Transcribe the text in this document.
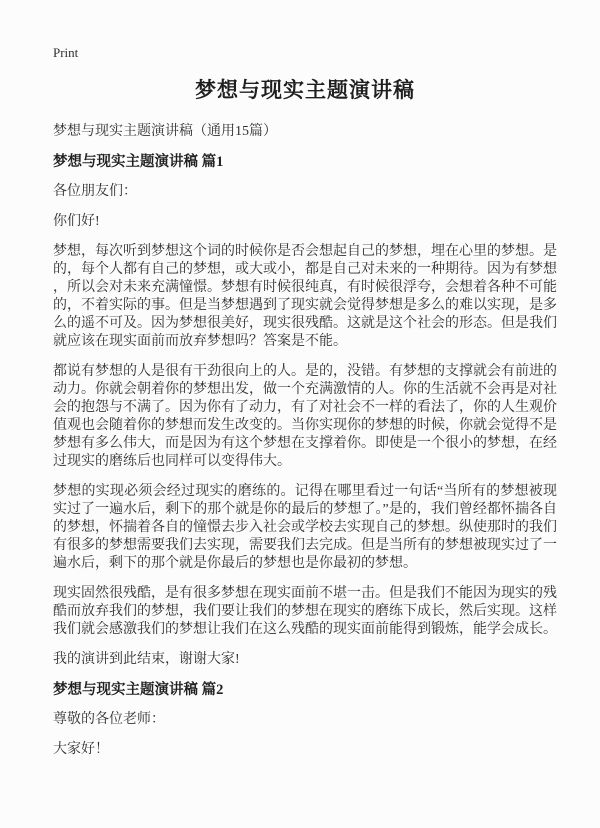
Print
梦想与现实主题演讲稿

梦想与现实主题演讲稿（通用15篇）

梦想与现实主题演讲稿 篇1

各位朋友们：

你们好!

梦想，每次听到梦想这个词的时候你是否会想起自己的梦想，埋在心里的梦想。是的，每个人都有自己的梦想，或大或小，都是自己对未来的一种期待。因为有梦想，所以会对未来充满憧憬。梦想有时候很纯真，有时候很浮夸，会想着各种不可能的，不着实际的事。但是当梦想遇到了现实就会觉得梦想是多么的难以实现，是多么的遥不可及。因为梦想很美好，现实很残酷。这就是这个社会的形态。但是我们就应该在现实面前而放弃梦想吗？答案是不能。

都说有梦想的人是很有干劲很向上的人。是的，没错。有梦想的支撑就会有前进的动力。你就会朝着你的梦想出发，做一个充满激情的人。你的生活就不会再是对社会的抱怨与不满了。因为你有了动力，有了对社会不一样的看法了，你的人生观价值观也会随着你的梦想而发生改变的。当你实现你的梦想的时候，你就会觉得不是梦想有多么伟大，而是因为有这个梦想在支撑着你。即使是一个很小的梦想，在经过现实的磨练后也同样可以变得伟大。

梦想的实现必须会经过现实的磨练的。记得在哪里看过一句话“当所有的梦想被现实过了一遍水后，剩下的那个就是你的最后的梦想了。”是的，我们曾经都怀揣各自的梦想，怀揣着各自的憧憬去步入社会或学校去实现自己的梦想。纵使那时的我们有很多的梦想需要我们去实现，需要我们去完成。但是当所有的梦想被现实过了一遍水后，剩下的那个就是你最后的梦想也是你最初的梦想。

现实固然很残酷，是有很多梦想在现实面前不堪一击。但是我们不能因为现实的残酷而放弃我们的梦想，我们要让我们的梦想在现实的磨练下成长，然后实现。这样我们就会感激我们的梦想让我们在这么残酷的现实面前能得到锻炼，能学会成长。

我的演讲到此结束，谢谢大家!

梦想与现实主题演讲稿 篇2

尊敬的各位老师：

大家好！
